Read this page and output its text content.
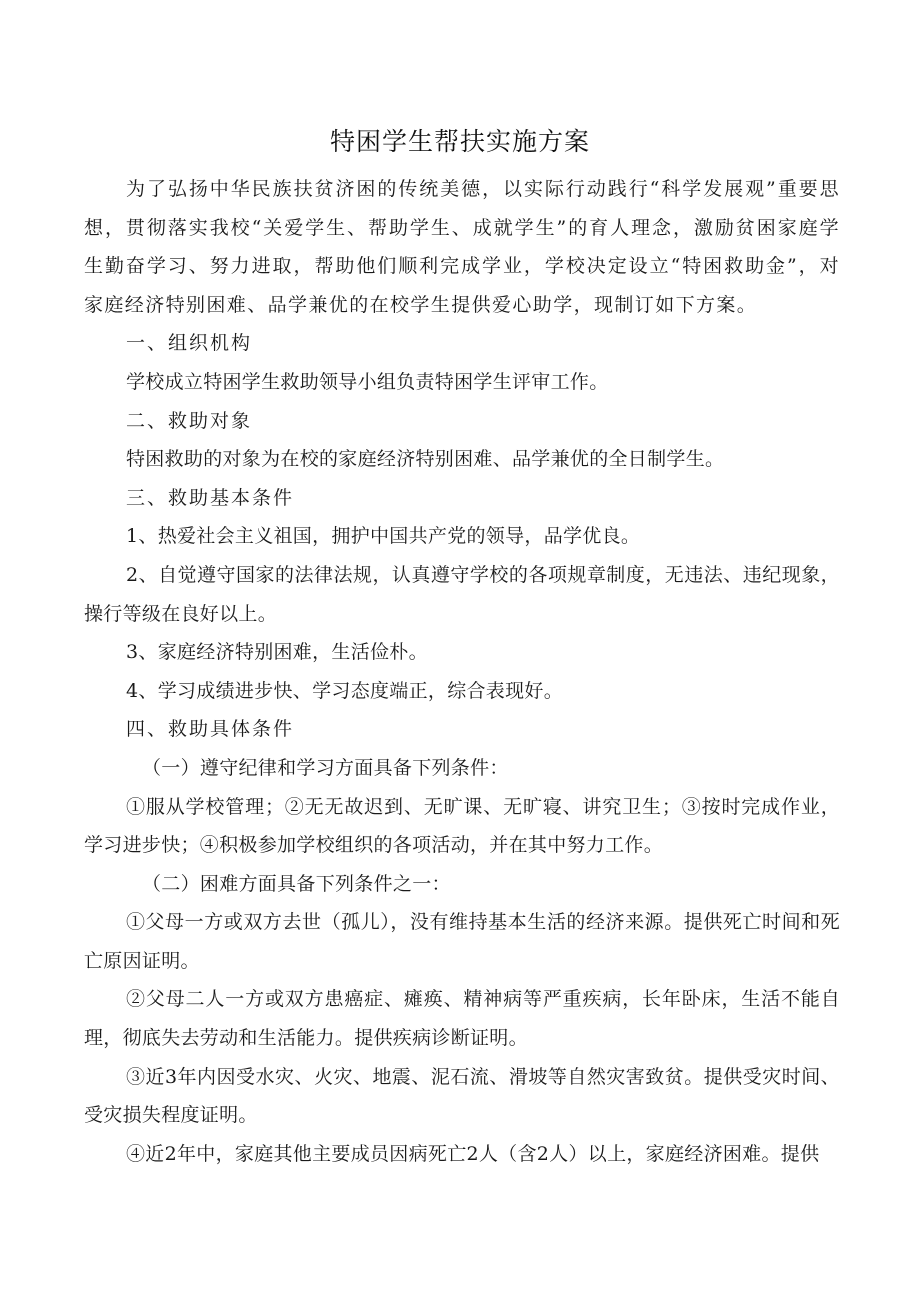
特困学生帮扶实施方案

为了弘扬中华民族扶贫济困的传统美德，以实际行动践行“科学发展观”重要思想，贯彻落实我校“关爱学生、帮助学生、成就学生”的育人理念，激励贫困家庭学生勤奋学习、努力进取，帮助他们顺利完成学业，学校决定设立“特困救助金”，对家庭经济特别困难、品学兼优的在校学生提供爱心助学，现制订如下方案。

一、组织机构

学校成立特困学生救助领导小组负责特困学生评审工作。

二、救助对象

特困救助的对象为在校的家庭经济特别困难、品学兼优的全日制学生。

三、救助基本条件

1、热爱社会主义祖国，拥护中国共产党的领导，品学优良。

2、自觉遵守国家的法律法规，认真遵守学校的各项规章制度，无违法、违纪现象，操行等级在良好以上。

3、家庭经济特别困难，生活俭朴。

4、学习成绩进步快、学习态度端正，综合表现好。

四、救助具体条件

（一）遵守纪律和学习方面具备下列条件：

①服从学校管理；②无无故迟到、无旷课、无旷寝、讲究卫生；③按时完成作业，学习进步快；④积极参加学校组织的各项活动，并在其中努力工作。

（二）困难方面具备下列条件之一：

①父母一方或双方去世（孤儿），没有维持基本生活的经济来源。提供死亡时间和死亡原因证明。

②父母二人一方或双方患癌症、瘫痪、精神病等严重疾病，长年卧床，生活不能自理，彻底失去劳动和生活能力。提供疾病诊断证明。

③近3年内因受水灾、火灾、地震、泥石流、滑坡等自然灾害致贫。提供受灾时间、受灾损失程度证明。

④近2年中，家庭其他主要成员因病死亡2人（含2人）以上，家庭经济困难。提供
